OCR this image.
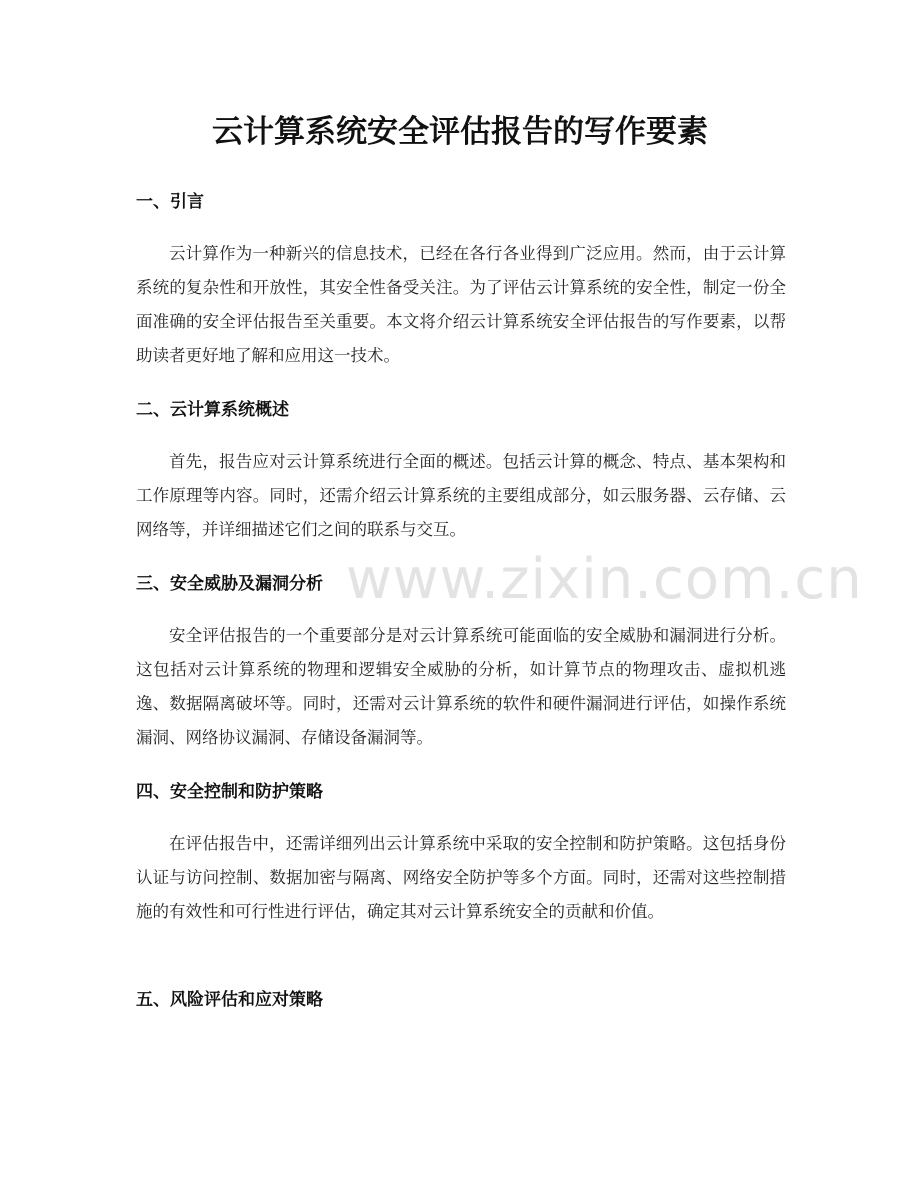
云计算系统安全评估报告的写作要素
www.zixin.com.cn
一、引言

云计算作为一种新兴的信息技术，已经在各行各业得到广泛应用。然而，由于云计算系统的复杂性和开放性，其安全性备受关注。为了评估云计算系统的安全性，制定一份全面准确的安全评估报告至关重要。本文将介绍云计算系统安全评估报告的写作要素，以帮助读者更好地了解和应用这一技术。

二、云计算系统概述

首先，报告应对云计算系统进行全面的概述。包括云计算的概念、特点、基本架构和工作原理等内容。同时，还需介绍云计算系统的主要组成部分，如云服务器、云存储、云网络等，并详细描述它们之间的联系与交互。

三、安全威胁及漏洞分析

安全评估报告的一个重要部分是对云计算系统可能面临的安全威胁和漏洞进行分析。这包括对云计算系统的物理和逻辑安全威胁的分析，如计算节点的物理攻击、虚拟机逃逸、数据隔离破坏等。同时，还需对云计算系统的软件和硬件漏洞进行评估，如操作系统漏洞、网络协议漏洞、存储设备漏洞等。

四、安全控制和防护策略

在评估报告中，还需详细列出云计算系统中采取的安全控制和防护策略。这包括身份认证与访问控制、数据加密与隔离、网络安全防护等多个方面。同时，还需对这些控制措施的有效性和可行性进行评估，确定其对云计算系统安全的贡献和价值。

五、风险评估和应对策略
